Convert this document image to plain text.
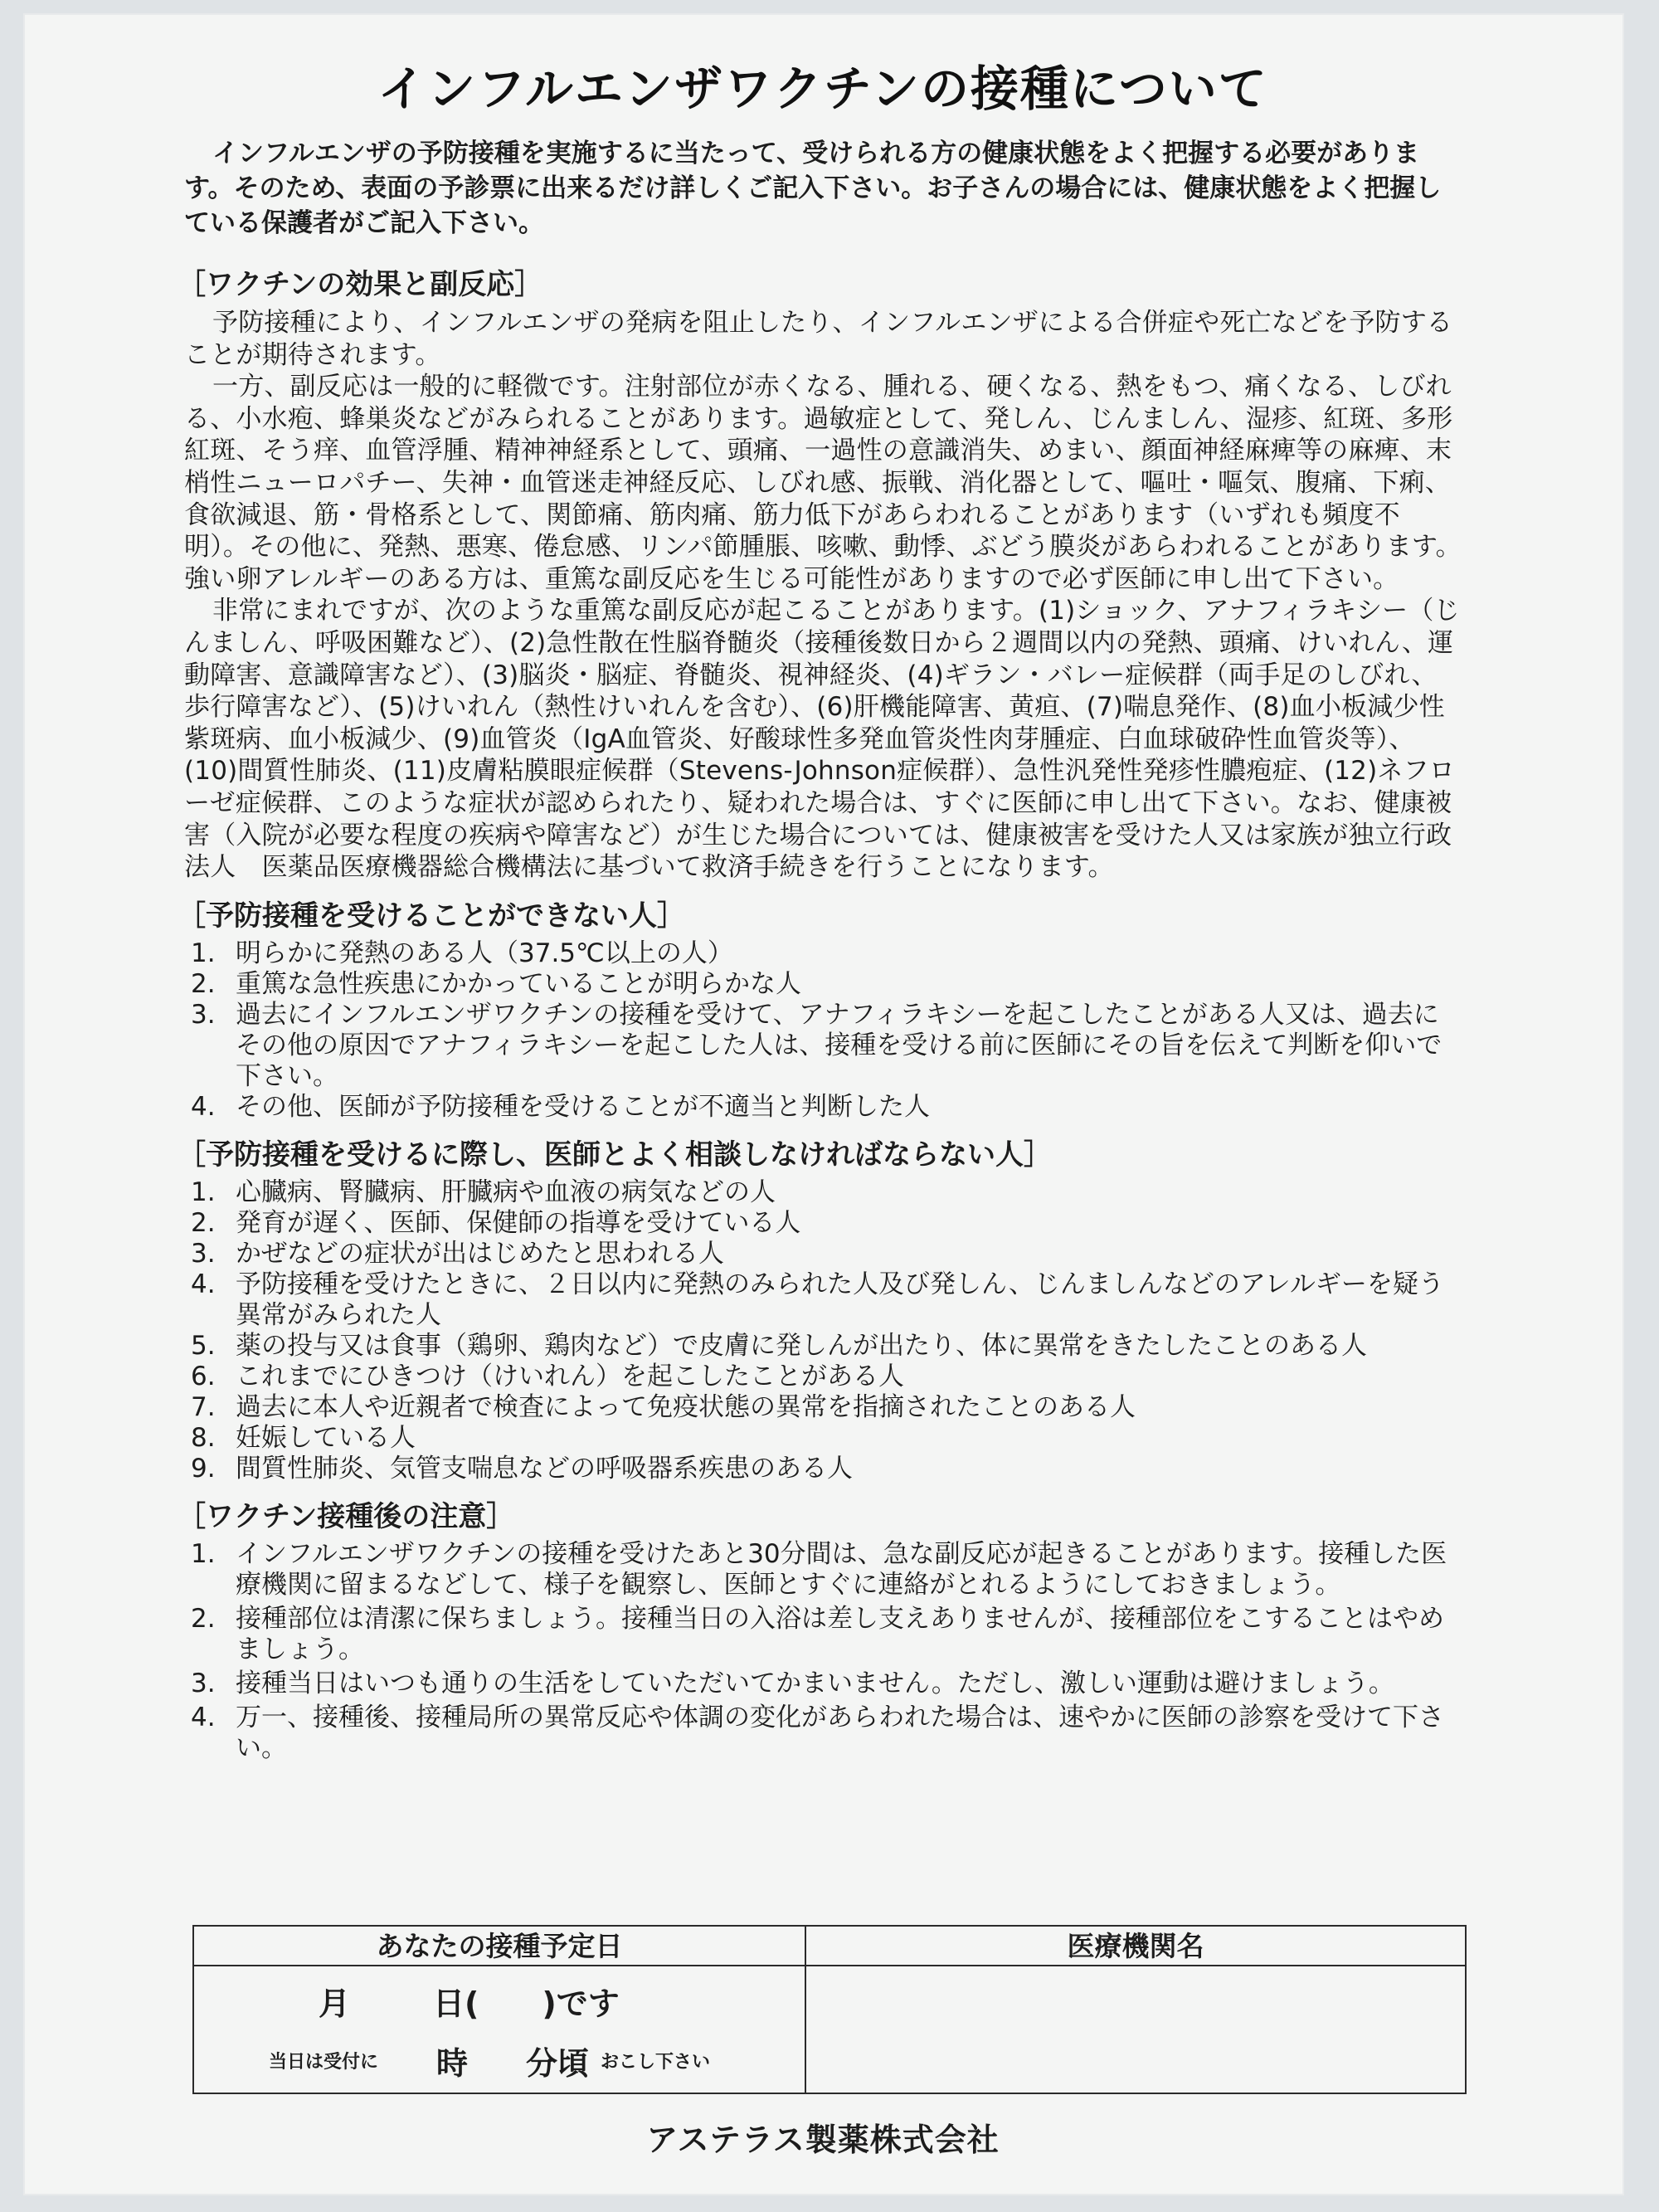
インフルエンザワクチンの接種について

インフルエンザの予防接種を実施するに当たって、受けられる方の健康状態をよく把握する必要があります。そのため、表面の予診票に出来るだけ詳しくご記入下さい。お子さんの場合には、健康状態をよく把握している保護者がご記入下さい。

［ワクチンの効果と副反応］

予防接種により、インフルエンザの発病を阻止したり、インフルエンザによる合併症や死亡などを予防することが期待されます。

一方、副反応は一般的に軽微です。注射部位が赤くなる、腫れる、硬くなる、熱をもつ、痛くなる、しびれる、小水疱、蜂巣炎などがみられることがあります。過敏症として、発しん、じんましん、湿疹、紅斑、多形紅斑、そう痒、血管浮腫、精神神経系として、頭痛、一過性の意識消失、めまい、顔面神経麻痺等の麻痺、末梢性ニューロパチー、失神・血管迷走神経反応、しびれ感、振戦、消化器として、嘔吐・嘔気、腹痛、下痢、食欲減退、筋・骨格系として、関節痛、筋肉痛、筋力低下があらわれることがあります（いずれも頻度不明）。その他に、発熱、悪寒、倦怠感、リンパ節腫脹、咳嗽、動悸、ぶどう膜炎があらわれることがあります。強い卵アレルギーのある方は、重篤な副反応を生じる可能性がありますので必ず医師に申し出て下さい。

非常にまれですが、次のような重篤な副反応が起こることがあります。(1)ショック、アナフィラキシー（じんましん、呼吸困難など）、(2)急性散在性脳脊髄炎（接種後数日から２週間以内の発熱、頭痛、けいれん、運動障害、意識障害など）、(3)脳炎・脳症、脊髄炎、視神経炎、(4)ギラン・バレー症候群（両手足のしびれ、歩行障害など）、(5)けいれん（熱性けいれんを含む）、(6)肝機能障害、黄疸、(7)喘息発作、(8)血小板減少性紫斑病、血小板減少、(9)血管炎（IgA血管炎、好酸球性多発血管炎性肉芽腫症、白血球破砕性血管炎等）、(10)間質性肺炎、(11)皮膚粘膜眼症候群（Stevens-Johnson症候群）、急性汎発性発疹性膿疱症、(12)ネフローゼ症候群、このような症状が認められたり、疑われた場合は、すぐに医師に申し出て下さい。なお、健康被害（入院が必要な程度の疾病や障害など）が生じた場合については、健康被害を受けた人又は家族が独立行政法人　医薬品医療機器総合機構法に基づいて救済手続きを行うことになります。

［予防接種を受けることができない人］
1. 明らかに発熱のある人（37.5℃以上の人）
2. 重篤な急性疾患にかかっていることが明らかな人
3. 過去にインフルエンザワクチンの接種を受けて、アナフィラキシーを起こしたことがある人又は、過去にその他の原因でアナフィラキシーを起こした人は、接種を受ける前に医師にその旨を伝えて判断を仰いで下さい。
4. その他、医師が予防接種を受けることが不適当と判断した人
［予防接種を受けるに際し、医師とよく相談しなければならない人］
1. 心臓病、腎臓病、肝臓病や血液の病気などの人
2. 発育が遅く、医師、保健師の指導を受けている人
3. かぜなどの症状が出はじめたと思われる人
4. 予防接種を受けたときに、２日以内に発熱のみられた人及び発しん、じんましんなどのアレルギーを疑う異常がみられた人
5. 薬の投与又は食事（鶏卵、鶏肉など）で皮膚に発しんが出たり、体に異常をきたしたことのある人
6. これまでにひきつけ（けいれん）を起こしたことがある人
7. 過去に本人や近親者で検査によって免疫状態の異常を指摘されたことのある人
8. 妊娠している人
9. 間質性肺炎、気管支喘息などの呼吸器系疾患のある人
［ワクチン接種後の注意］
1. インフルエンザワクチンの接種を受けたあと30分間は、急な副反応が起きることがあります。接種した医療機関に留まるなどして、様子を観察し、医師とすぐに連絡がとれるようにしておきましょう。
2. 接種部位は清潔に保ちましょう。接種当日の入浴は差し支えありませんが、接種部位をこすることはやめましょう。
3. 接種当日はいつも通りの生活をしていただいてかまいません。ただし、激しい運動は避けましょう。
4. 万一、接種後、接種局所の異常反応や体調の変化があらわれた場合は、速やかに医師の診察を受けて下さい。
あなたの接種予定日	医療機関名
月	日(　　)です
当日は受付に 時 分頃 おこし下さい
アステラス製薬株式会社
